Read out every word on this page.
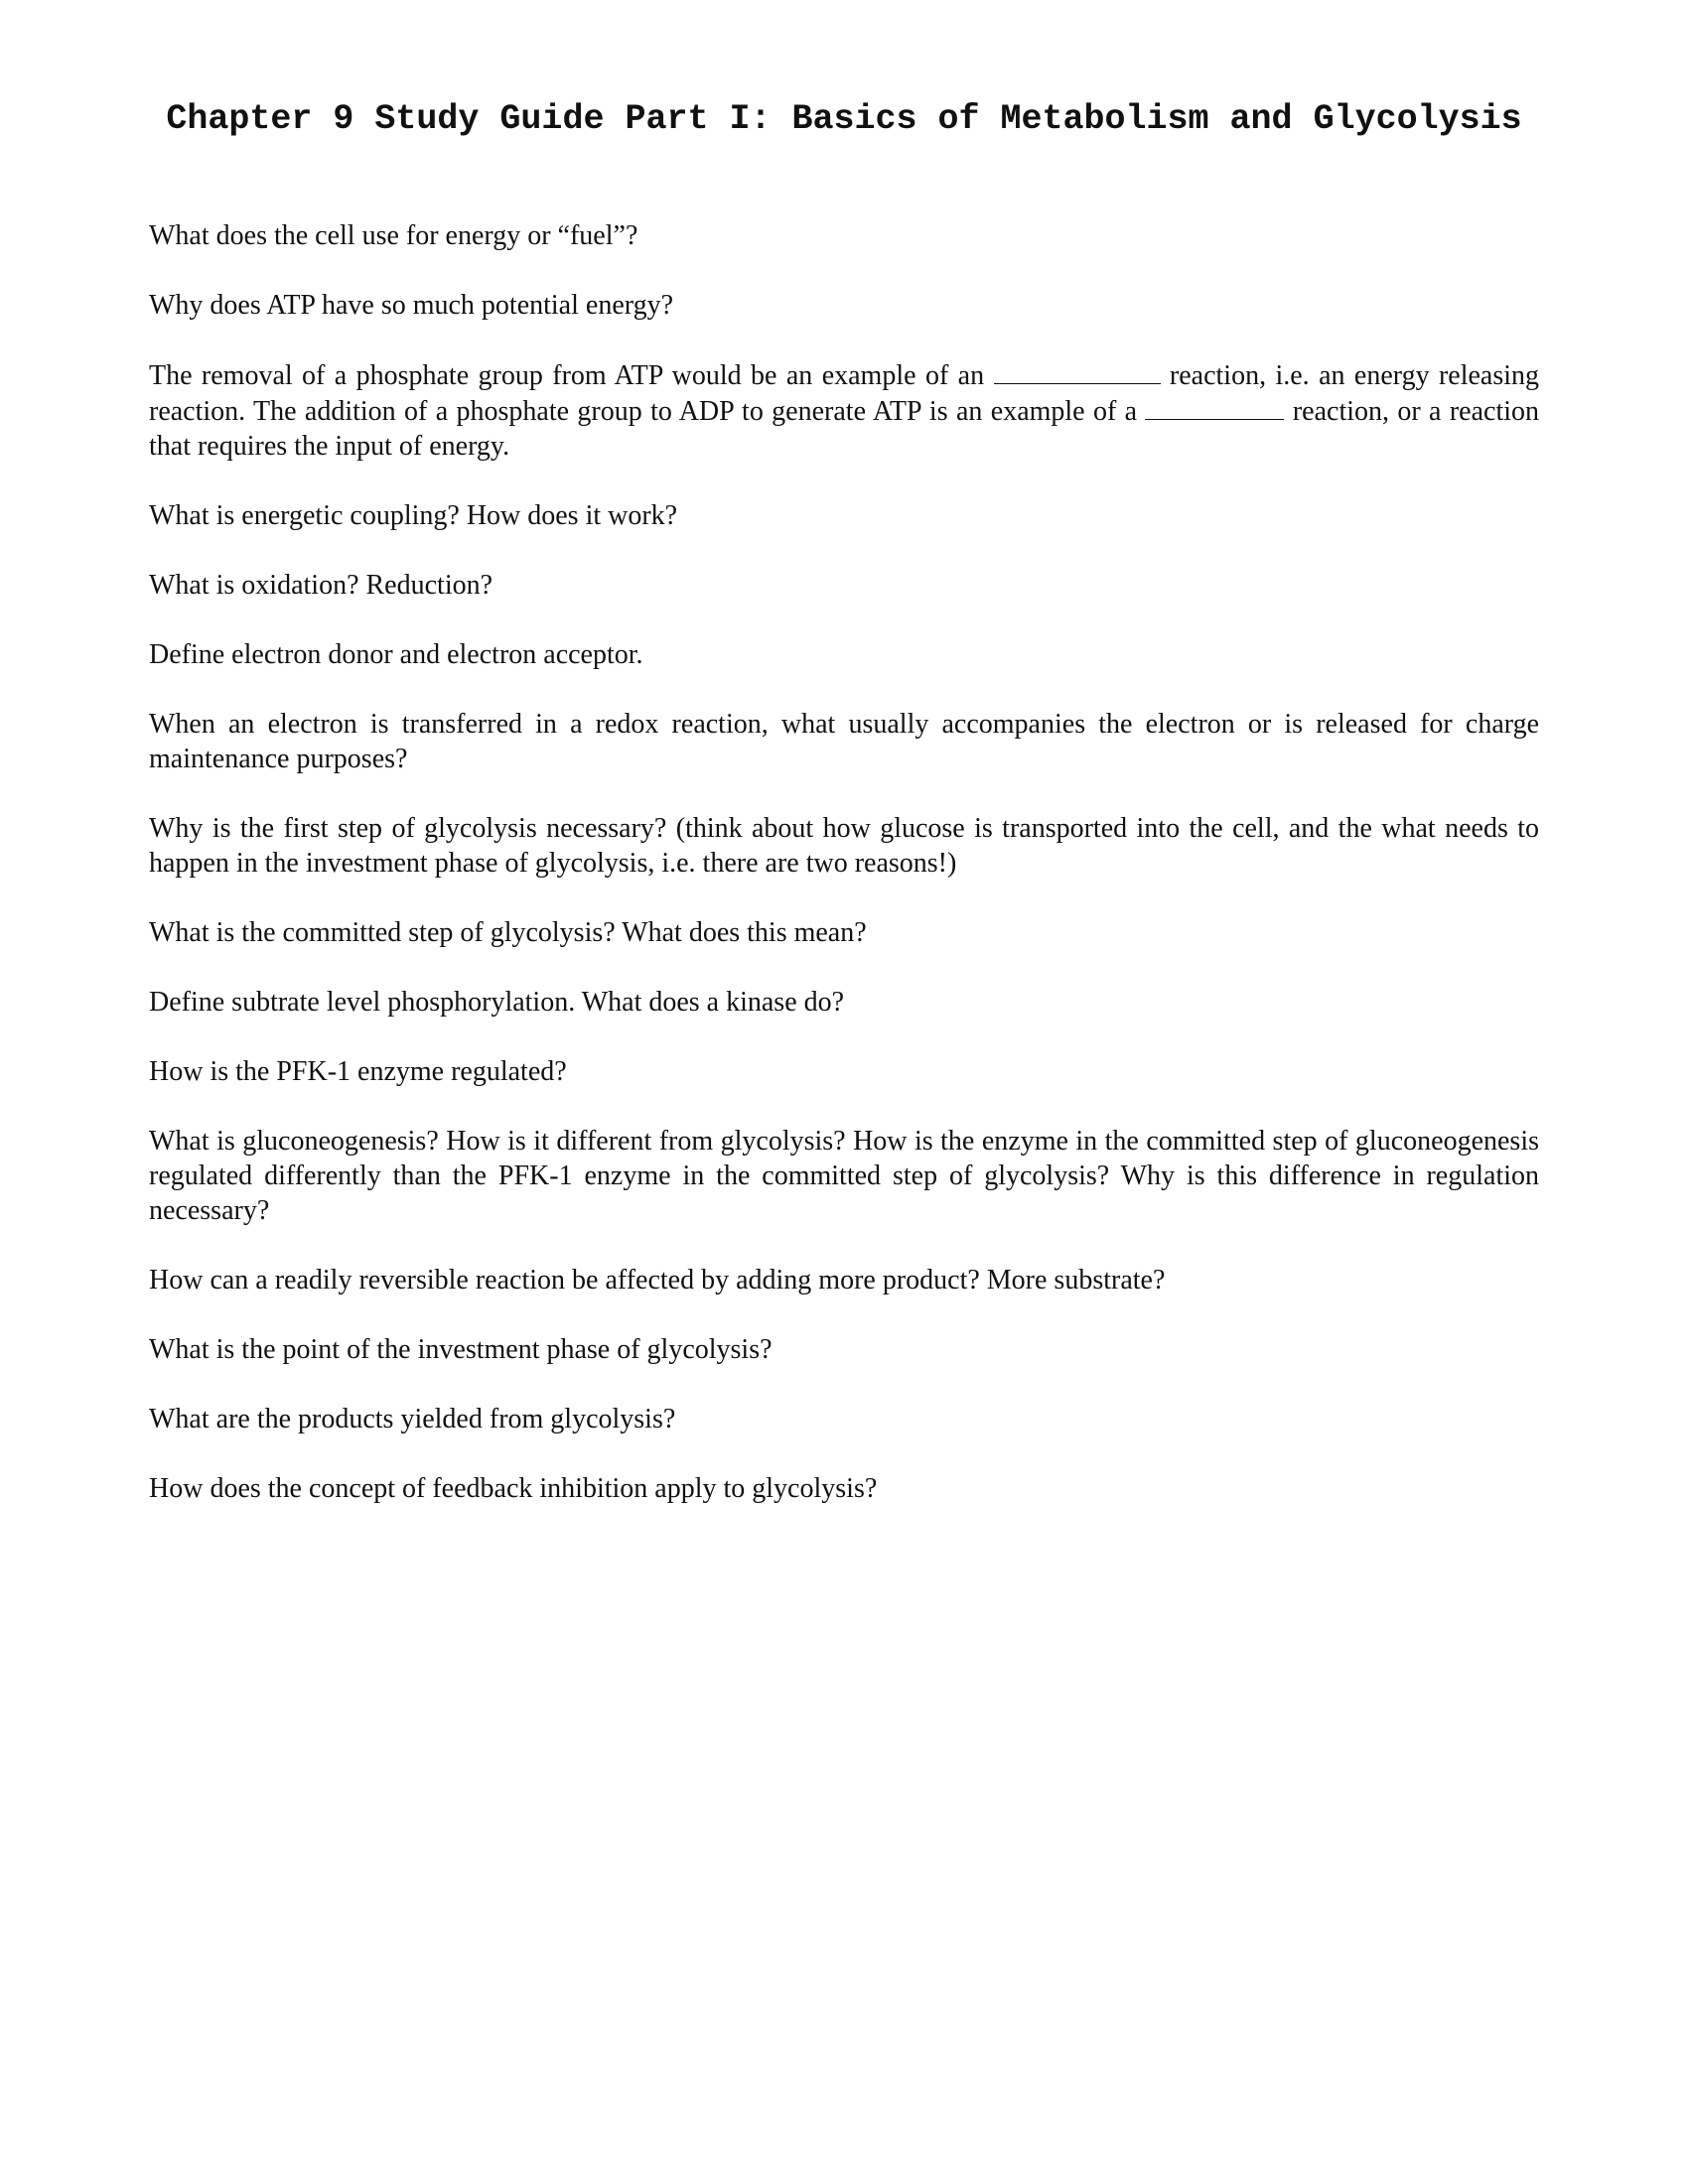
Chapter 9 Study Guide Part I: Basics of Metabolism and Glycolysis

What does the cell use for energy or “fuel”?

Why does ATP have so much potential energy?

The removal of a phosphate group from ATP would be an example of an	reaction, i.e. an energy releasing reaction. The addition of a phosphate group to ADP to generate ATP is an example of a	reaction, or a reaction that requires the input of energy.

What is energetic coupling? How does it work?

What is oxidation? Reduction?

Define electron donor and electron acceptor.

When an electron is transferred in a redox reaction, what usually accompanies the electron or is released for charge maintenance purposes?

Why is the first step of glycolysis necessary? (think about how glucose is transported into the cell, and the what needs to happen in the investment phase of glycolysis, i.e. there are two reasons!)

What is the committed step of glycolysis? What does this mean?

Define subtrate level phosphorylation. What does a kinase do?

How is the PFK-1 enzyme regulated?

What is gluconeogenesis? How is it different from glycolysis? How is the enzyme in the committed step of gluconeogenesis regulated differently than the PFK-1 enzyme in the committed step of glycolysis? Why is this difference in regulation necessary?

How can a readily reversible reaction be affected by adding more product? More substrate?

What is the point of the investment phase of glycolysis?

What are the products yielded from glycolysis?

How does the concept of feedback inhibition apply to glycolysis?
